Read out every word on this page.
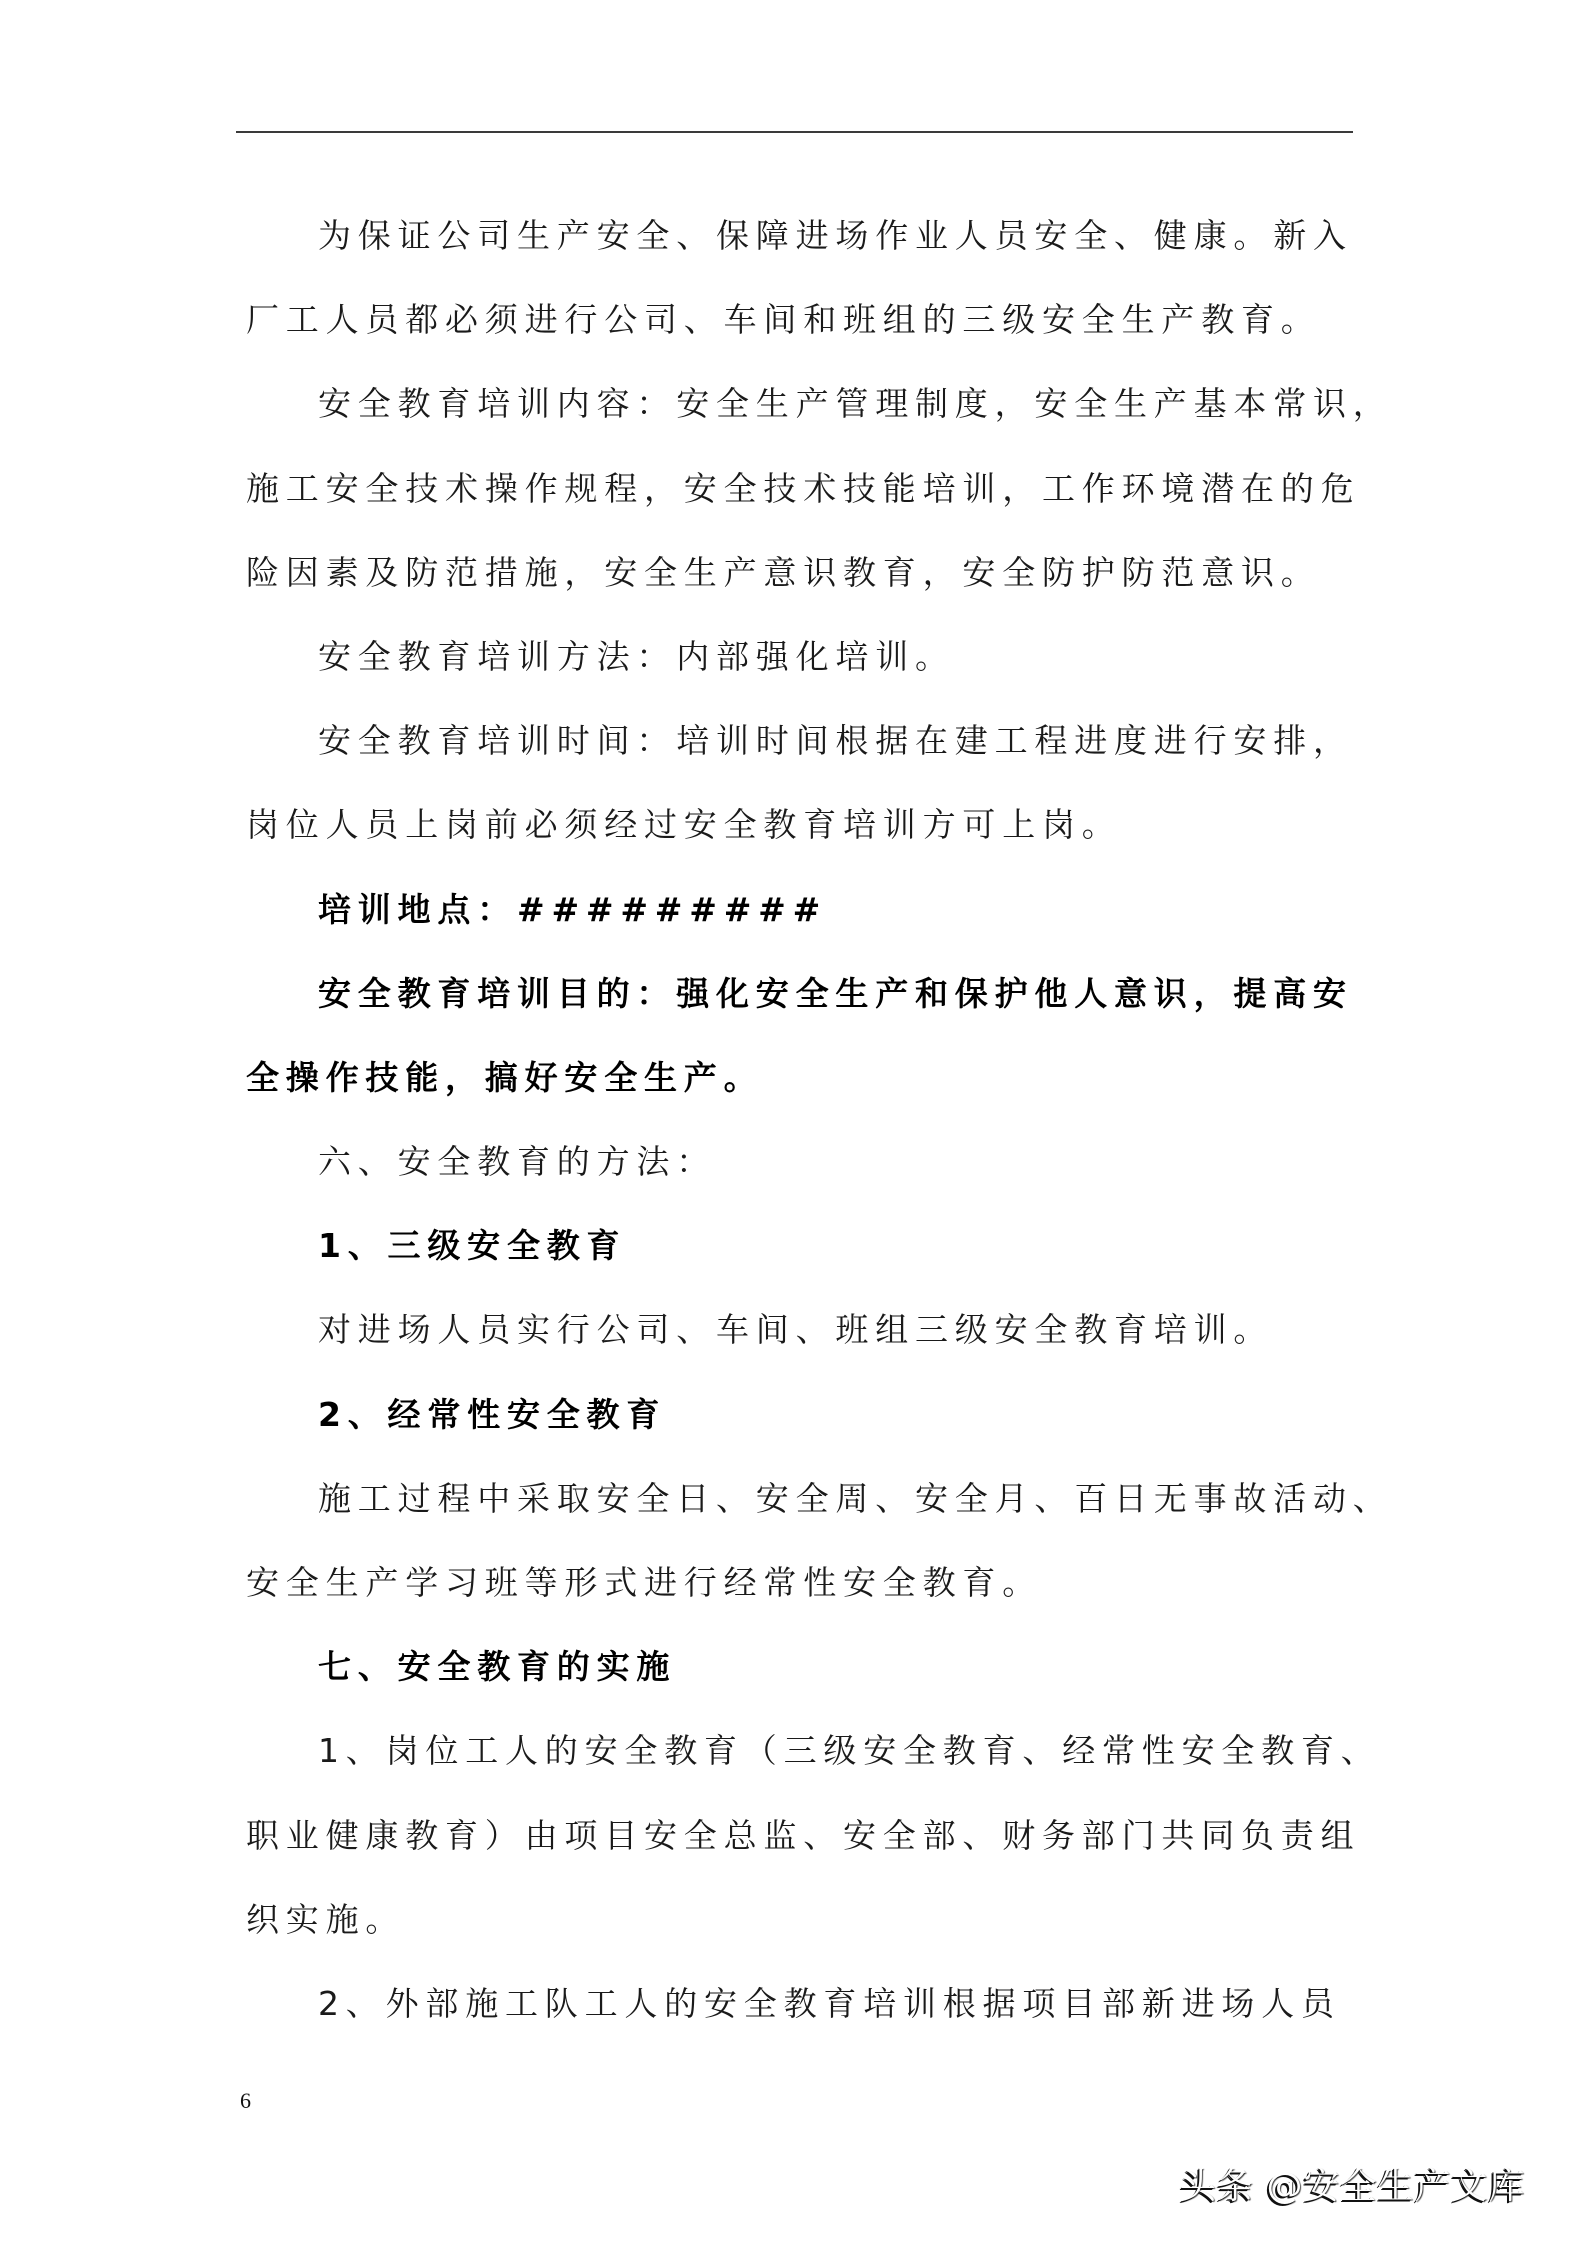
为保证公司生产安全、保障进场作业人员安全、健康。新入
厂工人员都必须进行公司、车间和班组的三级安全生产教育。
安全教育培训内容：安全生产管理制度，安全生产基本常识，
施工安全技术操作规程，安全技术技能培训，工作环境潜在的危
险因素及防范措施，安全生产意识教育，安全防护防范意识。
安全教育培训方法：内部强化培训。
安全教育培训时间：培训时间根据在建工程进度进行安排，
岗位人员上岗前必须经过安全教育培训方可上岗。
培训地点：#########
安全教育培训目的：强化安全生产和保护他人意识，提高安
全操作技能，搞好安全生产。
六、安全教育的方法：
1、三级安全教育
对进场人员实行公司、车间、班组三级安全教育培训。
2、经常性安全教育
施工过程中采取安全日、安全周、安全月、百日无事故活动、
安全生产学习班等形式进行经常性安全教育。
七、安全教育的实施
1、岗位工人的安全教育（三级安全教育、经常性安全教育、
职业健康教育）由项目安全总监、安全部、财务部门共同负责组
织实施。
2、外部施工队工人的安全教育培训根据项目部新进场人员
6
头条 @安全生产文库
